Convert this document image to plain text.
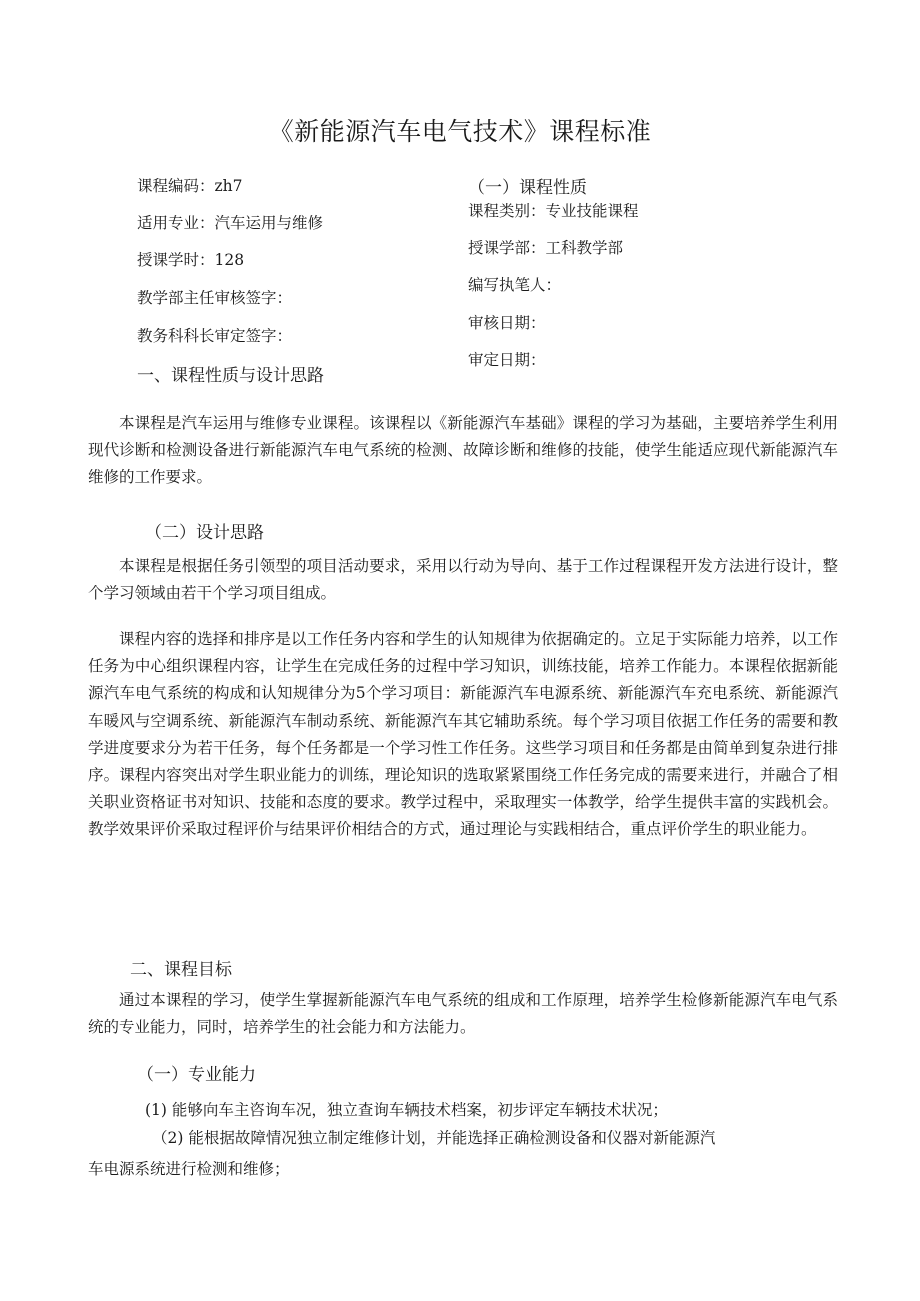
《新能源汽车电气技术》课程标准
课程编码：zh7
适用专业：汽车运用与维修
授课学时：128
教学部主任审核签字：
教务科科长审定签字：
（一）课程性质
课程类别：专业技能课程
授课学部：工科教学部
编写执笔人：
审核日期：
审定日期：
一、课程性质与设计思路

本课程是汽车运用与维修专业课程。该课程以《新能源汽车基础》课程的学习为基础，主要培养学生利用现代诊断和检测设备进行新能源汽车电气系统的检测、故障诊断和维修的技能，使学生能适应现代新能源汽车维修的工作要求。

（二）设计思路

本课程是根据任务引领型的项目活动要求，采用以行动为导向、基于工作过程课程开发方法进行设计，整个学习领域由若干个学习项目组成。

课程内容的选择和排序是以工作任务内容和学生的认知规律为依据确定的。立足于实际能力培养，以工作任务为中心组织课程内容，让学生在完成任务的过程中学习知识，训练技能，培养工作能力。本课程依据新能源汽车电气系统的构成和认知规律分为5个学习项目：新能源汽车电源系统、新能源汽车充电系统、新能源汽车暖风与空调系统、新能源汽车制动系统、新能源汽车其它辅助系统。每个学习项目依据工作任务的需要和教学进度要求分为若干任务，每个任务都是一个学习性工作任务。这些学习项目和任务都是由简单到复杂进行排序。课程内容突出对学生职业能力的训练，理论知识的选取紧紧围绕工作任务完成的需要来进行，并融合了相关职业资格证书对知识、技能和态度的要求。教学过程中，采取理实一体教学，给学生提供丰富的实践机会。教学效果评价采取过程评价与结果评价相结合的方式，通过理论与实践相结合，重点评价学生的职业能力。

二、课程目标

通过本课程的学习，使学生掌握新能源汽车电气系统的组成和工作原理，培养学生检修新能源汽车电气系统的专业能力，同时，培养学生的社会能力和方法能力。

（一）专业能力
(1) 能够向车主咨询车况，独立查询车辆技术档案，初步评定车辆技术状况；
（2) 能根据故障情况独立制定维修计划，并能选择正确检测设备和仪器对新能源汽
车电源系统进行检测和维修；
